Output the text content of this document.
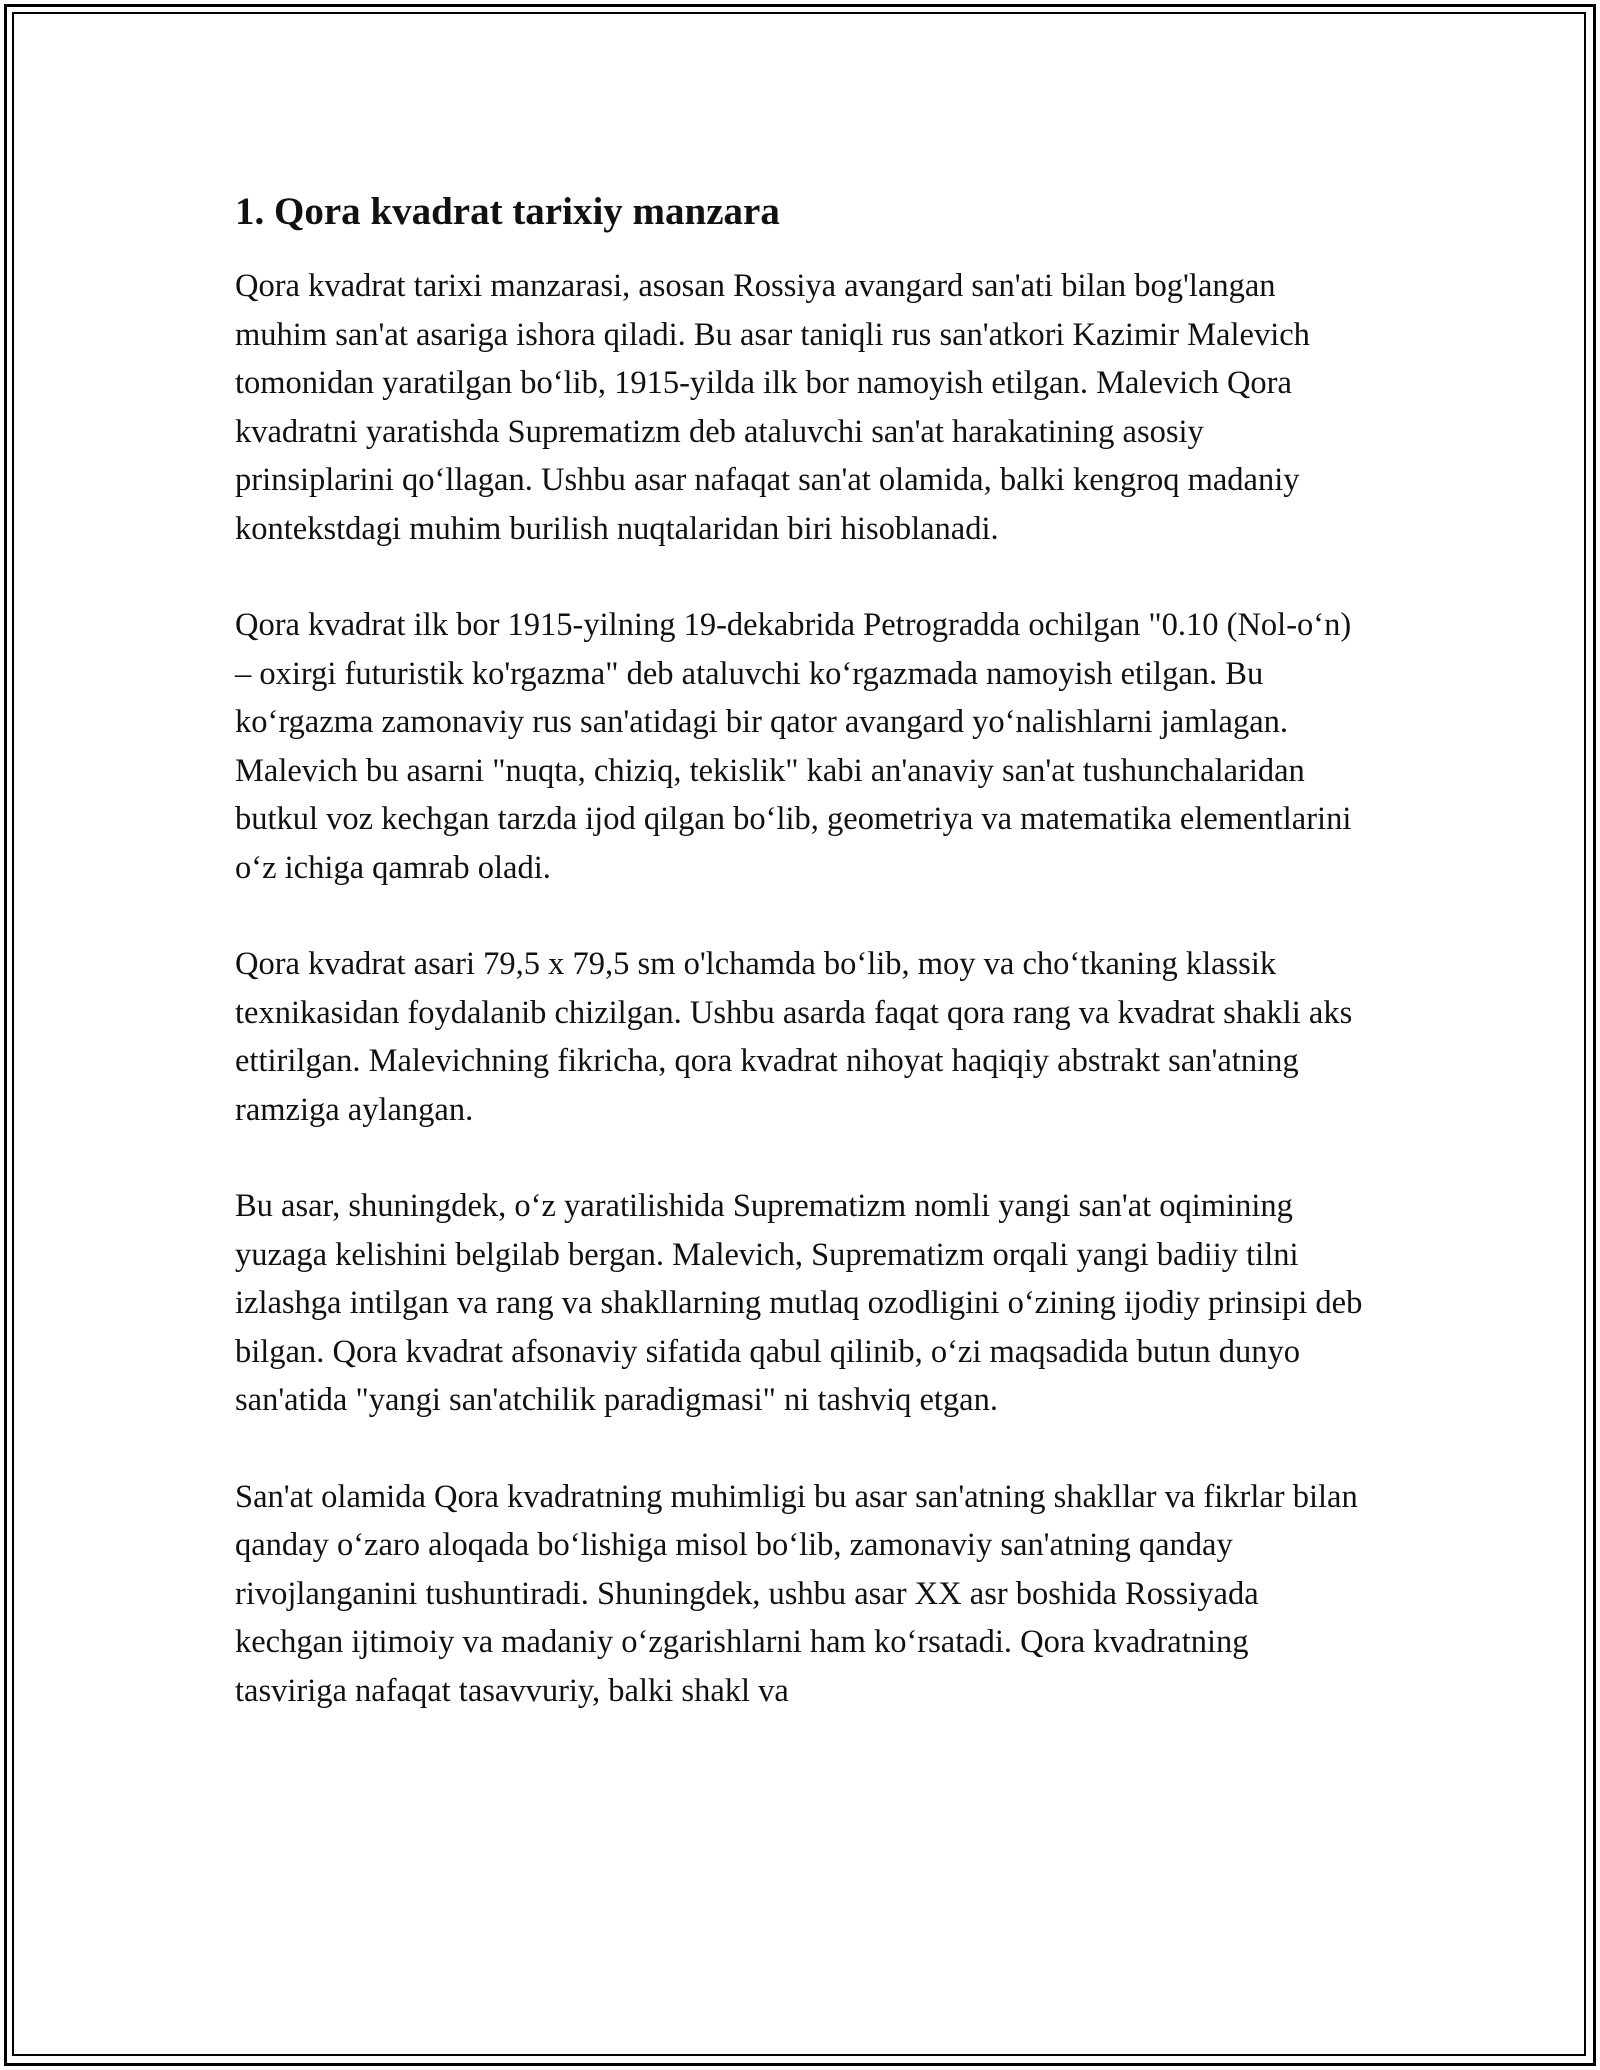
1. Qora kvadrat tarixiy manzara

Qora kvadrat tarixi manzarasi, asosan Rossiya avangard san'ati bilan bog'langan muhim san'at asariga ishora qiladi. Bu asar taniqli rus san'atkori Kazimir Malevich tomonidan yaratilgan bo‘lib, 1915-yilda ilk bor namoyish etilgan. Malevich Qora kvadratni yaratishda Suprematizm deb ataluvchi san'at harakatining asosiy prinsiplarini qo‘llagan. Ushbu asar nafaqat san'at olamida, balki kengroq madaniy kontekstdagi muhim burilish nuqtalaridan biri hisoblanadi.

Qora kvadrat ilk bor 1915-yilning 19-dekabrida Petrogradda ochilgan "0.10 (Nol-o‘n) – oxirgi futuristik ko'rgazma" deb ataluvchi ko‘rgazmada namoyish etilgan. Bu ko‘rgazma zamonaviy rus san'atidagi bir qator avangard yo‘nalishlarni jamlagan. Malevich bu asarni "nuqta, chiziq, tekislik" kabi an'anaviy san'at tushunchalaridan butkul voz kechgan tarzda ijod qilgan bo‘lib, geometriya va matematika elementlarini o‘z ichiga qamrab oladi.

Qora kvadrat asari 79,5 x 79,5 sm o'lchamda bo‘lib, moy va cho‘tkaning klassik texnikasidan foydalanib chizilgan. Ushbu asarda faqat qora rang va kvadrat shakli aks ettirilgan. Malevichning fikricha, qora kvadrat nihoyat haqiqiy abstrakt san'atning ramziga aylangan.

Bu asar, shuningdek, o‘z yaratilishida Suprematizm nomli yangi san'at oqimining yuzaga kelishini belgilab bergan. Malevich, Suprematizm orqali yangi badiiy tilni izlashga intilgan va rang va shakllarning mutlaq ozodligini o‘zining ijodiy prinsipi deb bilgan. Qora kvadrat afsonaviy sifatida qabul qilinib, o‘zi maqsadida butun dunyo san'atida "yangi san'atchilik paradigmasi" ni tashviq etgan.

San'at olamida Qora kvadratning muhimligi bu asar san'atning shakllar va fikrlar bilan qanday o‘zaro aloqada bo‘lishiga misol bo‘lib, zamonaviy san'atning qanday rivojlanganini tushuntiradi. Shuningdek, ushbu asar XX asr boshida Rossiyada kechgan ijtimoiy va madaniy o‘zgarishlarni ham ko‘rsatadi. Qora kvadratning tasviriga nafaqat tasavvuriy, balki shakl va
